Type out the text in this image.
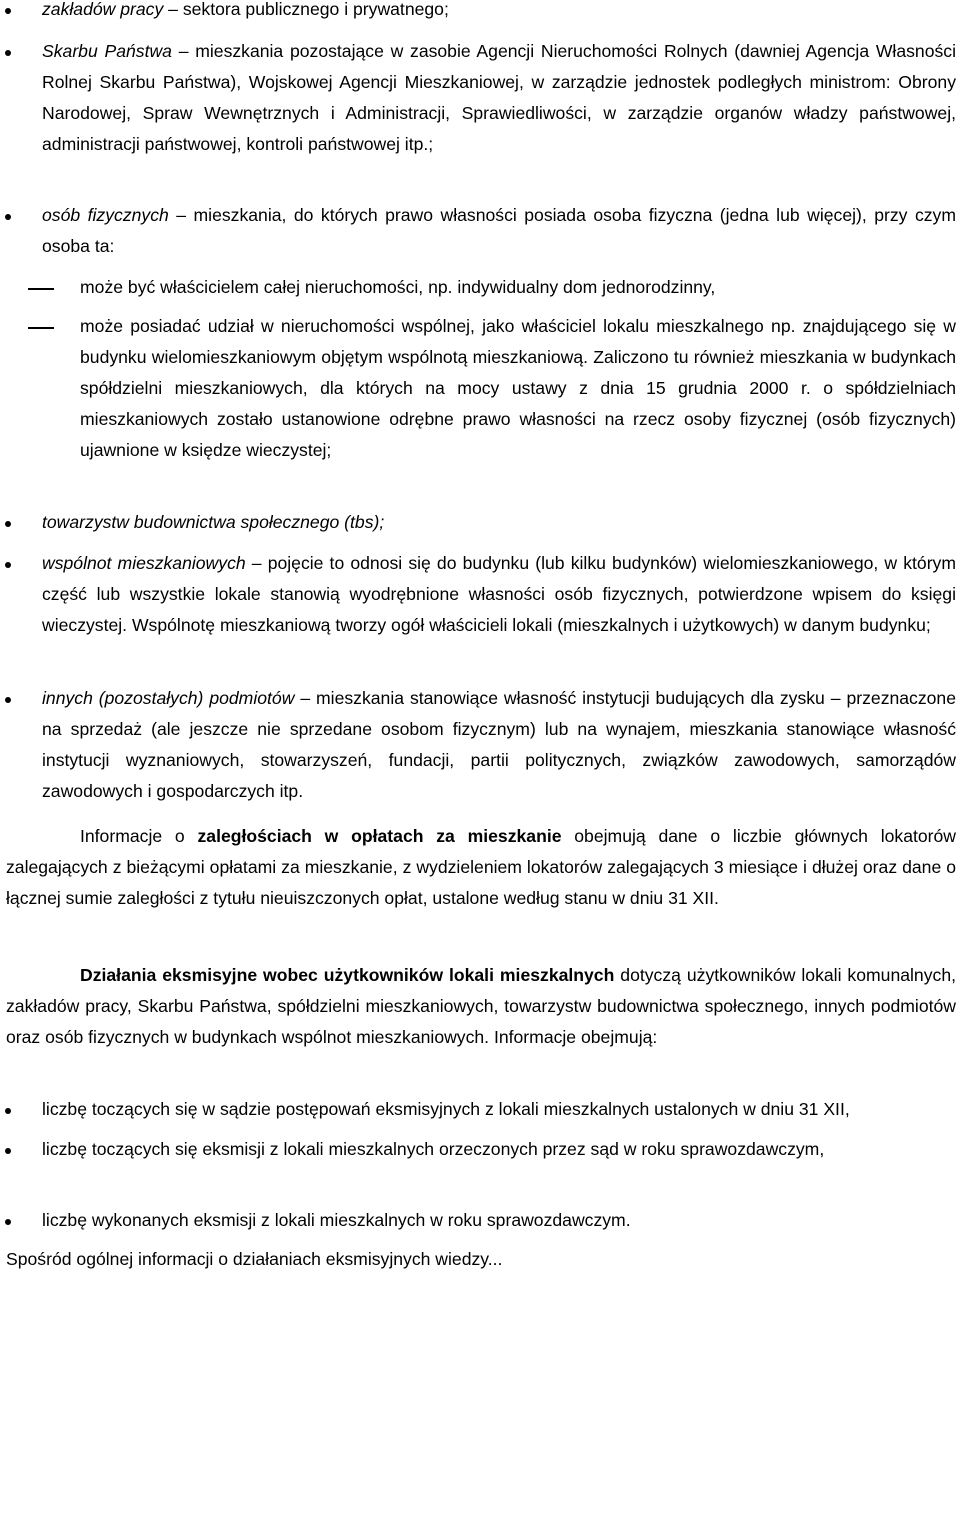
zakładów pracy – sektora publicznego i prywatnego;
Skarbu Państwa – mieszkania pozostające w zasobie Agencji Nieruchomości Rolnych (dawniej Agencja Własności Rolnej Skarbu Państwa), Wojskowej Agencji Mieszkaniowej, w zarządzie jednostek podległych ministrom: Obrony Narodowej, Spraw Wewnętrznych i Administracji, Sprawiedliwości, w zarządzie organów władzy państwowej, administracji państwowej, kontroli państwowej itp.;
osób fizycznych – mieszkania, do których prawo własności posiada osoba fizyczna (jedna lub więcej), przy czym osoba ta:
może być właścicielem całej nieruchomości, np. indywidualny dom jednorodzinny,
może posiadać udział w nieruchomości wspólnej, jako właściciel lokalu mieszkalnego np. znajdującego się w budynku wielomieszkaniowym objętym wspólnotą mieszkaniową. Zaliczono tu również mieszkania w budynkach spółdzielni mieszkaniowych, dla których na mocy ustawy z dnia 15 grudnia 2000 r. o spółdzielniach mieszkaniowych zostało ustanowione odrębne prawo własności na rzecz osoby fizycznej (osób fizycznych) ujawnione w księdze wieczystej;
towarzystw budownictwa społecznego (tbs);
wspólnot mieszkaniowych – pojęcie to odnosi się do budynku (lub kilku budynków) wielomieszkaniowego, w którym część lub wszystkie lokale stanowią wyodrębnione własności osób fizycznych, potwierdzone wpisem do księgi wieczystej. Wspólnotę mieszkaniową tworzy ogół właścicieli lokali (mieszkalnych i użytkowych) w danym budynku;
innych (pozostałych) podmiotów – mieszkania stanowiące własność instytucji budujących dla zysku – przeznaczone na sprzedaż (ale jeszcze nie sprzedane osobom fizycznym) lub na wynajem, mieszkania stanowiące własność instytucji wyznaniowych, stowarzyszeń, fundacji, partii politycznych, związków zawodowych, samorządów zawodowych i gospodarczych itp.
Informacje o zaległościach w opłatach za mieszkanie obejmują dane o liczbie głównych lokatorów zalegających z bieżącymi opłatami za mieszkanie, z wydzieleniem lokatorów zalegających 3 miesiące i dłużej oraz dane o łącznej sumie zaległości z tytułu nieuiszczonych opłat, ustalone według stanu w dniu 31 XII.
Działania eksmisyjne wobec użytkowników lokali mieszkalnych dotyczą użytkowników lokali komunalnych, zakładów pracy, Skarbu Państwa, spółdzielni mieszkaniowych, towarzystw budownictwa społecznego, innych podmiotów oraz osób fizycznych w budynkach wspólnot mieszkaniowych. Informacje obejmują:
liczbę toczących się w sądzie postępowań eksmisyjnych z lokali mieszkalnych ustalonych w dniu 31 XII,
liczbę toczących się eksmisji z lokali mieszkalnych orzeczonych przez sąd w roku sprawozdawczym,
liczbę wykonanych eksmisji z lokali mieszkalnych w roku sprawozdawczym.
Spośród ogólnej informacji o działaniach eksmisyjnych wiedzy...
